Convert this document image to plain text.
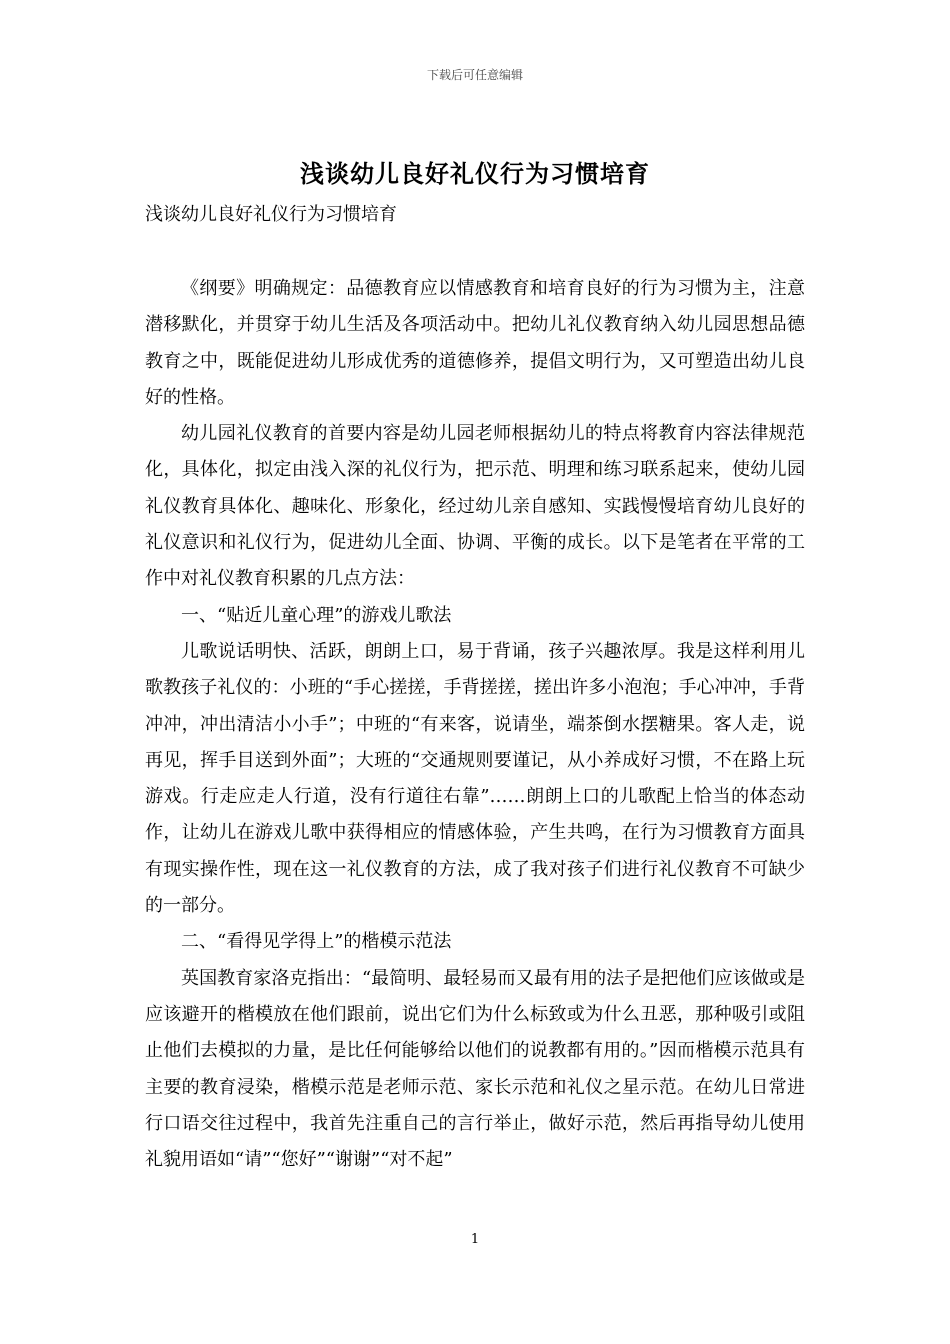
下载后可任意编辑
浅谈幼儿良好礼仪行为习惯培育
浅谈幼儿良好礼仪行为习惯培育

《纲要》明确规定：品德教育应以情感教育和培育良好的行为习惯为主，注意潜移默化，并贯穿于幼儿生活及各项活动中。把幼儿礼仪教育纳入幼儿园思想品德教育之中，既能促进幼儿形成优秀的道德修养，提倡文明行为，又可塑造出幼儿良好的性格。

幼儿园礼仪教育的首要内容是幼儿园老师根据幼儿的特点将教育内容法律规范化，具体化，拟定由浅入深的礼仪行为，把示范、明理和练习联系起来，使幼儿园礼仪教育具体化、趣味化、形象化，经过幼儿亲自感知、实践慢慢培育幼儿良好的礼仪意识和礼仪行为，促进幼儿全面、协调、平衡的成长。以下是笔者在平常的工作中对礼仪教育积累的几点方法：

一、“贴近儿童心理”的游戏儿歌法

儿歌说话明快、活跃，朗朗上口，易于背诵，孩子兴趣浓厚。我是这样利用儿歌教孩子礼仪的：小班的“手心搓搓，手背搓搓，搓出许多小泡泡；手心冲冲，手背冲冲，冲出清洁小小手”；中班的“有来客，说请坐，端茶倒水摆糖果。客人走，说再见，挥手目送到外面”；大班的“交通规则要谨记，从小养成好习惯，不在路上玩游戏。行走应走人行道，没有行道往右靠”……朗朗上口的儿歌配上恰当的体态动作，让幼儿在游戏儿歌中获得相应的情感体验，产生共鸣，在行为习惯教育方面具有现实操作性，现在这一礼仪教育的方法，成了我对孩子们进行礼仪教育不可缺少的一部分。

二、“看得见学得上”的楷模示范法

英国教育家洛克指出：“最简明、最轻易而又最有用的法子是把他们应该做或是应该避开的楷模放在他们跟前，说出它们为什么标致或为什么丑恶，那种吸引或阻止他们去模拟的力量，是比任何能够给以他们的说教都有用的。”因而楷模示范具有主要的教育浸染，楷模示范是老师示范、家长示范和礼仪之星示范。在幼儿日常进行口语交往过程中，我首先注重自己的言行举止，做好示范，然后再指导幼儿使用礼貌用语如“请”“您好”“谢谢”“对不起”

1
